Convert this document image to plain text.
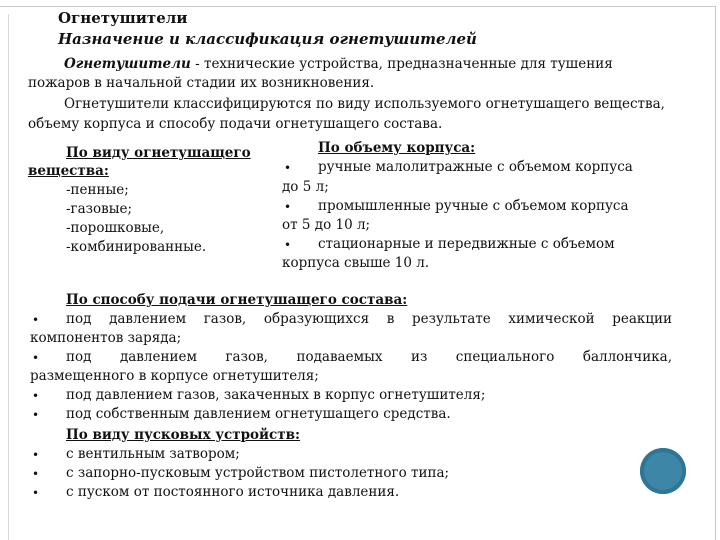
Огнетушители
Назначение и классификация огнетушителей
Огнетушители - технические устройства, предназначенные для тушения
пожаров в начальной стадии их возникновения.
Огнетушители классифицируются по виду используемого огнетушащего вещества,
объему корпуса и способу подачи огнетушащего состава.
По виду огнетушащего
вещества:
-пенные;
-газовые;
-порошковые,
-комбинированные.
По объему корпуса:
• ручные малолитражные с объемом корпуса
до 5 л;
• промышленные ручные с объемом корпуса
от 5 до 10 л;
• стационарные и передвижные с объемом
корпуса свыше 10 л.
По способу подачи огнетушащего состава:
• под давлением газов, образующихся в результате химической реакции
компонентов заряда;
• под давлением газов, подаваемых из специального баллончика,
размещенного в корпусе огнетушителя;
• под давлением газов, закаченных в корпус огнетушителя;
• под собственным давлением огнетушащего средства.
По виду пусковых устройств:
• с вентильным затвором;
• с запорно-пусковым устройством пистолетного типа;
• с пуском от постоянного источника давления.
